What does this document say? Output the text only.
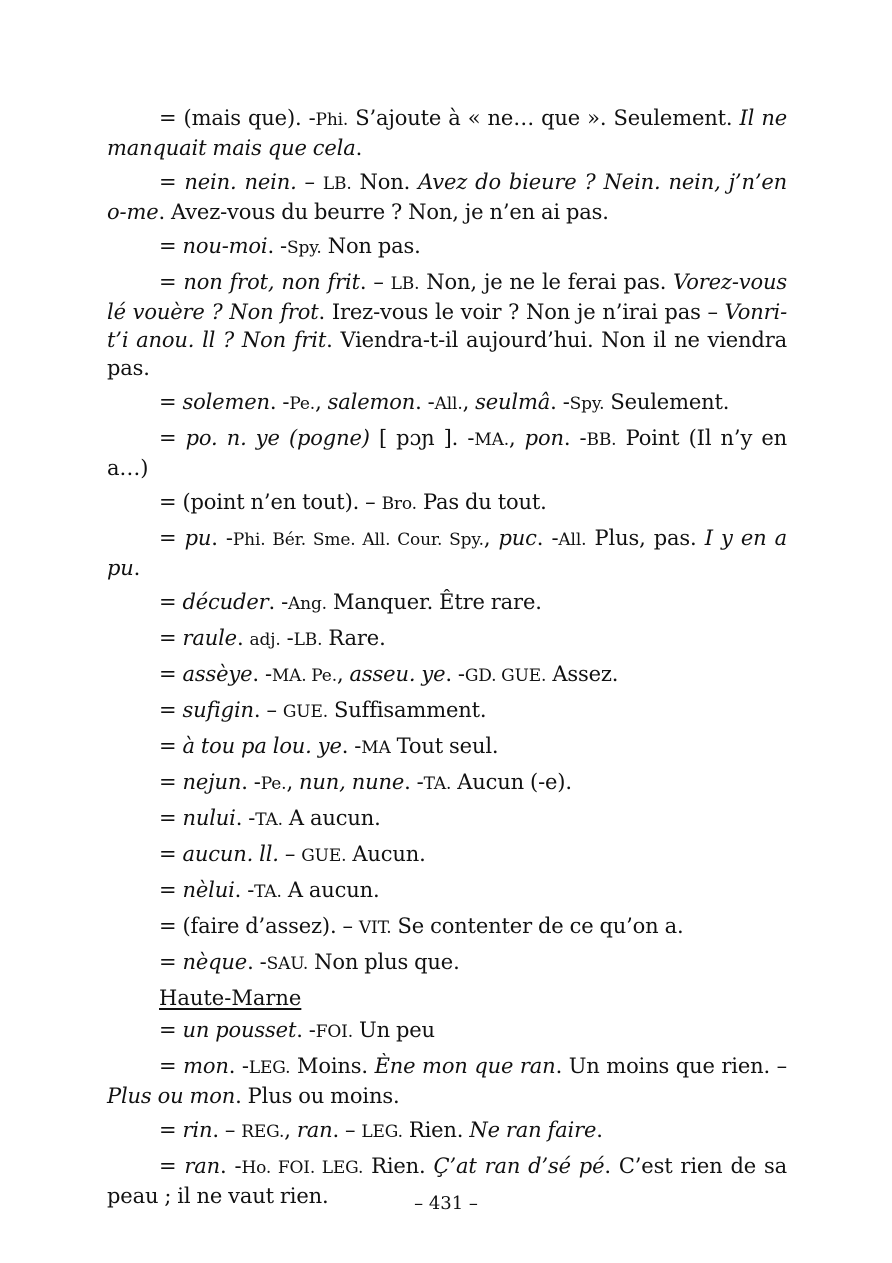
= (mais que). -Phi. S’ajoute à « ne… que ». Seulement. Il ne manquait mais que cela.

= nein. nein. – LB. Non. Avez do bieure ? Nein. nein, j’n’en o-me. Avez-vous du beurre ? Non, je n’en ai pas.

= nou-moi. -Spy. Non pas.

= non frot, non frit. – LB. Non, je ne le ferai pas. Vorez-vous lé vouère ? Non frot. Irez-vous le voir ? Non je n’irai pas – Vonri-t’i anou. ll ? Non frit. Viendra-t-il aujourd’hui. Non il ne viendra pas.

= solemen. -Pe., salemon. -All., seulmâ. -Spy. Seulement.

= po. n. ye (pogne) [ pɔɲ ]. -MA., pon. -BB. Point (Il n’y en a…)

= (point n’en tout). – Bro. Pas du tout.

= pu. -Phi. Bér. Sme. All. Cour. Spy., puc. -All. Plus, pas. I y en a pu.

= décuder. -Ang. Manquer. Être rare.

= raule. adj. -LB. Rare.

= assèye. -MA. Pe., asseu. ye. -GD. GUE. Assez.

= sufigin. – GUE. Suffisamment.

= à tou pa lou. ye. -MA Tout seul.

= nejun. -Pe., nun, nune. -TA. Aucun (-e).

= nului. -TA. A aucun.

= aucun. ll. – GUE. Aucun.

= nèlui. -TA. A aucun.

= (faire d’assez). – VIT. Se contenter de ce qu’on a.

= nèque. -SAU. Non plus que.

Haute-Marne

= un pousset. -FOI. Un peu

= mon. -LEG. Moins. Ène mon que ran. Un moins que rien. – Plus ou mon. Plus ou moins.

= rin. – REG., ran. – LEG. Rien. Ne ran faire.

= ran. -Ho. FOI. LEG. Rien. Ç’at ran d’sé pé. C’est rien de sa peau ; il ne vaut rien.	– 431 –
